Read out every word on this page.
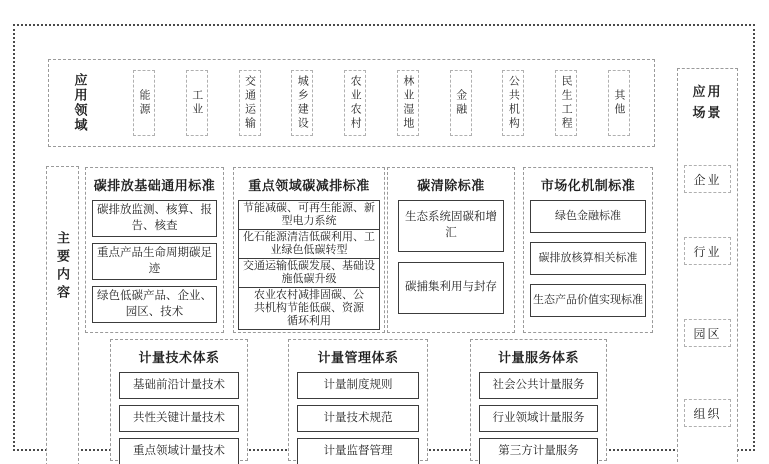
应用领域	能源	工业	交通运输	城乡建设	农业农村	林业湿地	金融	公共机构	民生工程	其他
主要内容
应用场景
企业
行业
园区
组织
碳排放基础通用标准
碳排放监测、核算、报告、核查
重点产品生命周期碳足迹
绿色低碳产品、企业、园区、技术
重点领域碳减排标准
节能减碳、可再生能源、新型电力系统
化石能源清洁低碳利用、工业绿色低碳转型
交通运输低碳发展、基础设施低碳升级
农业农村减排固碳、公共机构节能低碳、资源循环利用
碳清除标准
生态系统固碳和增汇
碳捕集利用与封存
市场化机制标准
绿色金融标准
碳排放核算相关标准
生态产品价值实现标准
计量技术体系
基础前沿计量技术
共性关键计量技术
重点领域计量技术
计量管理体系
计量制度规则
计量技术规范
计量监督管理
计量服务体系
社会公共计量服务
行业领域计量服务
第三方计量服务
